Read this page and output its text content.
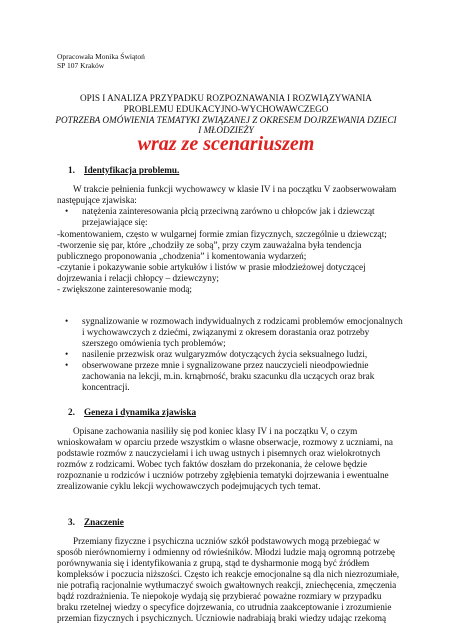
Opracowała Monika Świątoń
SP 107 Kraków
OPIS I ANALIZA PRZYPADKU ROZPOZNAWANIA I ROZWIĄZYWANIA
PROBLEMU EDUKACYJNO-WYCHOWAWCZEGO
POTRZEBA OMÓWIENIA TEMATYKI ZWIĄZANEJ Z OKRESEM DOJRZEWANIA DZIECI
I MŁODZIEŻY
wraz ze scenariuszem
1. Identyfikacja problemu.

W trakcie pełnienia funkcji wychowawcy w klasie IV i na początku V zaobserwowałam następujące zjawiska:

• natężenia zainteresowania płcią przeciwną zarówno u chłopców jak i dziewcząt przejawiające się:
-komentowaniem, często w wulgarnej formie zmian fizycznych, szczególnie u dziewcząt;
-tworzenie się par, które „chodziły ze sobą”, przy czym zauważalna była tendencja publicznego proponowania „chodzenia” i komentowania wydarzeń;
-czytanie i pokazywanie sobie artykułów i listów w prasie młodzieżowej dotyczącej dojrzewania i relacji chłopcy – dziewczyny;
- zwiększone zainteresowanie modą;
• sygnalizowanie w rozmowach indywidualnych z rodzicami problemów emocjonalnych i wychowawczych z dziećmi, związanymi z okresem dorastania oraz potrzeby szerszego omówienia tych problemów;
• nasilenie przezwisk oraz wulgaryzmów dotyczących życia seksualnego ludzi,
• obserwowane przeze mnie i sygnalizowane przez nauczycieli nieodpowiednie zachowania na lekcji, m.in. krnąbrność, braku szacunku dla uczących oraz brak koncentracji.
2. Geneza i dynamika zjawiska

Opisane zachowania nasiliły się pod koniec klasy IV i na początku V, o czym wnioskowałam w oparciu przede wszystkim o własne obserwacje, rozmowy z uczniami, na podstawie rozmów z nauczycielami i ich uwag ustnych i pisemnych oraz wielokrotnych rozmów z rodzicami. Wobec tych faktów doszłam do przekonania, że celowe będzie rozpoznanie u rodziców i uczniów potrzeby zgłębienia tematyki dojrzewania i ewentualne zrealizowanie cyklu lekcji wychowawczych podejmujących tych temat.

3. Znaczenie

Przemiany fizyczne i psychiczna uczniów szkół podstawowych mogą przebiegać w sposób nierównomierny i odmienny od rówieśników. Młodzi ludzie mają ogromną potrzebę porównywania się i identyfikowania z grupą, stąd te dysharmonie mogą być źródłem kompleksów i poczucia niższości. Często ich reakcje emocjonalne są dla nich niezrozumiałe, nie potrafią racjonalnie wytłumaczyć swoich gwałtownych reakcji, zniechęcenia, zmęczenia bądź rozdrażnienia. Te niepokoje wydają się przybierać poważne rozmiary w przypadku braku rzetelnej wiedzy o specyfice dojrzewania, co utrudnia zaakceptowanie i zrozumienie przemian fizycznych i psychicznych. Uczniowie nadrabiają braki wiedzy udając rzekomą
